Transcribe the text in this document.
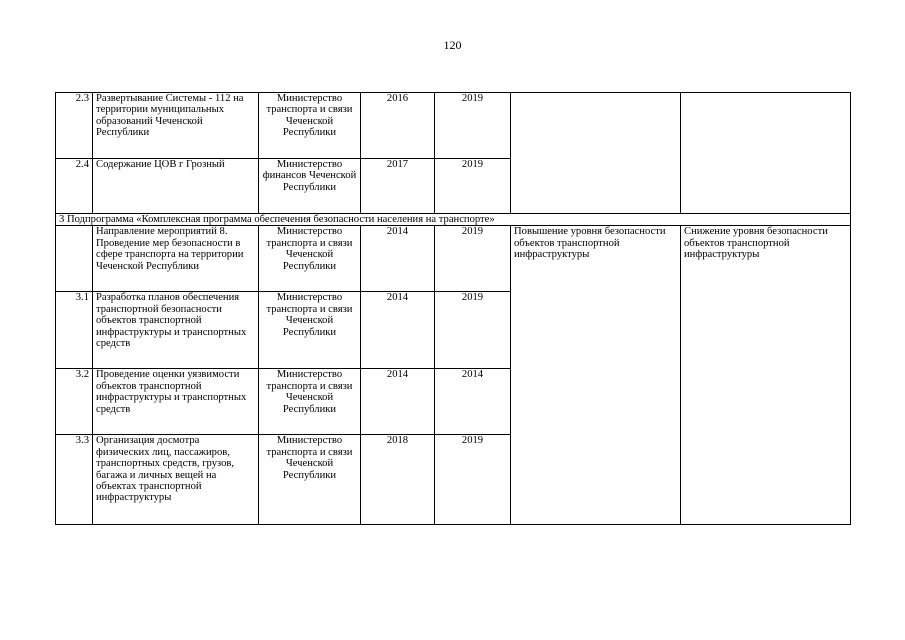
120
2.3	Развертывание Системы - 112 на территории муниципальных образований Чеченской Республики	Министерство транспорта и связи Чеченской Республики	2016	2019		
2.4	Содержание ЦОВ г Грозный	Министерство финансов Чеченской Республики	2017	2019		
3 Подпрограмма «Комплексная программа обеспечения безопасности населения на транспорте»						
	Направление мероприятий 8. Проведение мер безопасности в сфере транспорта на территории Чеченской Республики	Министерство транспорта и связи Чеченской Республики	2014	2019	Повышение уровня безопасности объектов транспортной инфраструктуры	Снижение уровня безопасности объектов транспортной инфраструктуры
3.1	Разработка планов обеспечения транспортной безопасности объектов транспортной инфраструктуры и транспортных средств	Министерство транспорта и связи Чеченской Республики	2014	2019		
3.2	Проведение оценки уязвимости объектов транспортной инфраструктуры и транспортных средств	Министерство транспорта и связи Чеченской Республики	2014	2014		
3.3	Организация досмотра физических лиц, пассажиров, транспортных средств, грузов, багажа и личных вещей на объектах транспортной инфраструктуры	Министерство транспорта и связи Чеченской Республики	2018	2019		
